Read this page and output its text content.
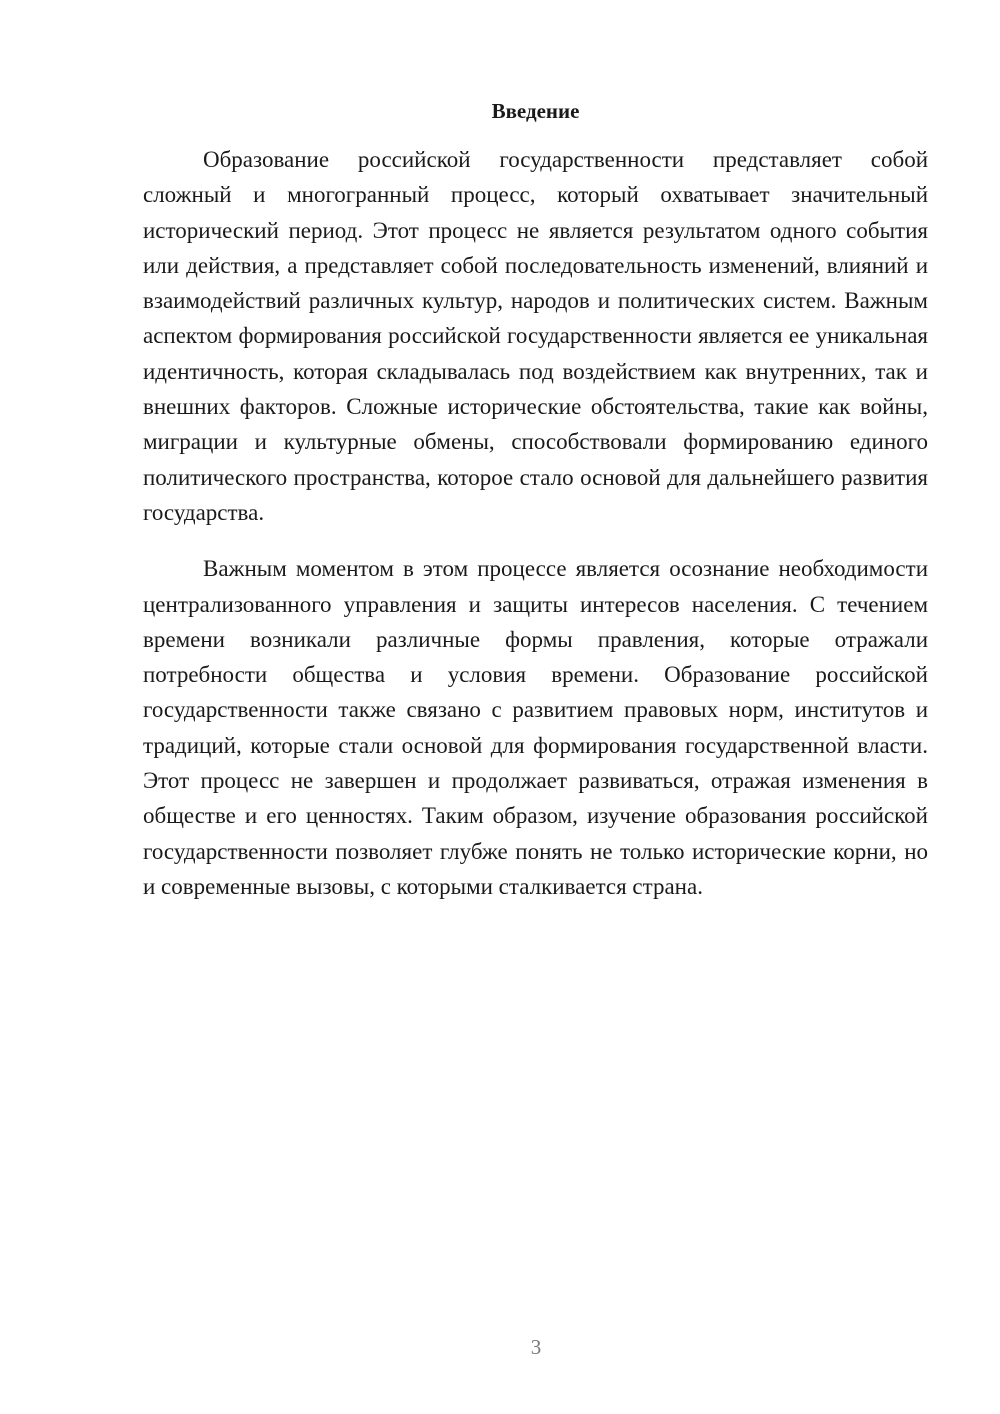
Введение

Образование российской государственности представляет собой сложный и многогранный процесс, который охватывает значительный исторический период. Этот процесс не является результатом одного события или действия, а представляет собой последовательность изменений, влияний и взаимодействий различных культур, народов и политических систем. Важным аспектом формирования российской государственности является ее уникальная идентичность, которая складывалась под воздействием как внутренних, так и внешних факторов. Сложные исторические обстоятельства, такие как войны, миграции и культурные обмены, способствовали формированию единого политического пространства, которое стало основой для дальнейшего развития государства.

Важным моментом в этом процессе является осознание необходимости централизованного управления и защиты интересов населения. С течением времени возникали различные формы правления, которые отражали потребности общества и условия времени. Образование российской государственности также связано с развитием правовых норм, институтов и традиций, которые стали основой для формирования государственной власти. Этот процесс не завершен и продолжает развиваться, отражая изменения в обществе и его ценностях. Таким образом, изучение образования российской государственности позволяет глубже понять не только исторические корни, но и современные вызовы, с которыми сталкивается страна.

3
